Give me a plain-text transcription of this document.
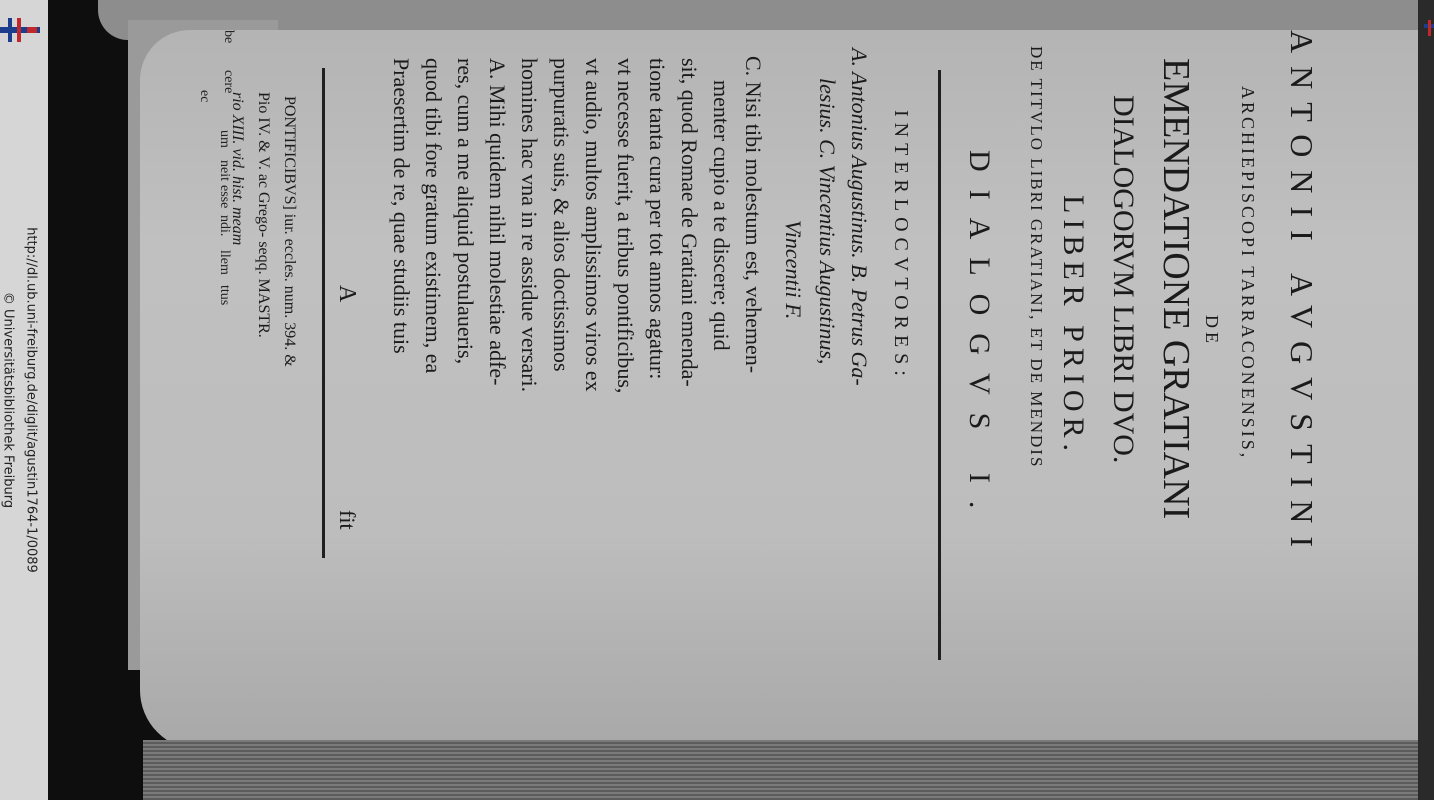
http://dl.ub.uni-freiburg.de/diglit/agustin1764-1/0089
© Universitätsbibliothek Freiburg	ANTONII AVGVSTINI
ARCHIEPISCOPI TARRACONENSIS,
DE
EMENDATIONE GRATIANI
DIALOGORVM LIBRI DVO.
LIBER PRIOR.
DE TITVLO LIBRI GRATIANI, ET DE MENDIS
DIALOGVS I.
INTERLOCVTORES:
A. Antonius Augustinus. B. Petrus Ga-
lesius. C. Vincentius Augustinus,
Vincentii F.
C. Nisi tibi molestum est, vehemen-
menter cupio a te discere; quid
sit, quod Romae de Gratiani emenda-
tione tanta cura per tot annos agatur:
vt necesse fuerit, a tribus pontificibus,
vt audio, multos amplissimos viros ex
purpuratis suis, & alios doctissimos
homines hac vna in re assidue versari.
A. Mihi quidem nihil molestiae adfe-
res, cum a me aliquid postulaueris,
quod tibi fore gratum existimem, ea
Praesertim de re, quae studiis tuis
A
fit
PONTIFICIBVS] iur. eccles. num. 394. &
Pio IV. & V. ac Grego- seqq. MASTR.
rio XIII. vid. hist. meam
be
cere
ec
um
neit
esse
ndi.
llem
ttus
